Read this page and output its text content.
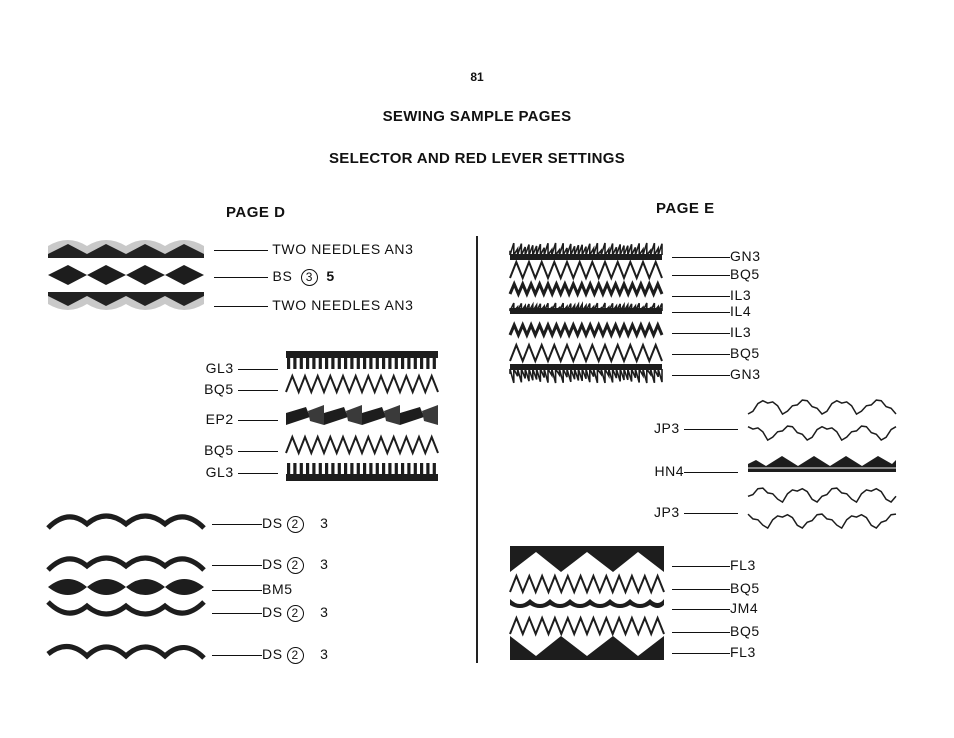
81
SEWING SAMPLE PAGES
SELECTOR AND RED LEVER SETTINGS
PAGE D	PAGE E
TWO NEEDLES AN3
BS 3 5
TWO NEEDLES AN3
GL3
BQ5
EP2
BQ5
GL3
DS 2 3
DS 2 3
BM5
DS 2 3
DS 2 3
GN3
BQ5
IL3
IL4
IL3
BQ5
GN3
JP3
HN4
JP3
FL3
BQ5
JM4
BQ5
FL3
